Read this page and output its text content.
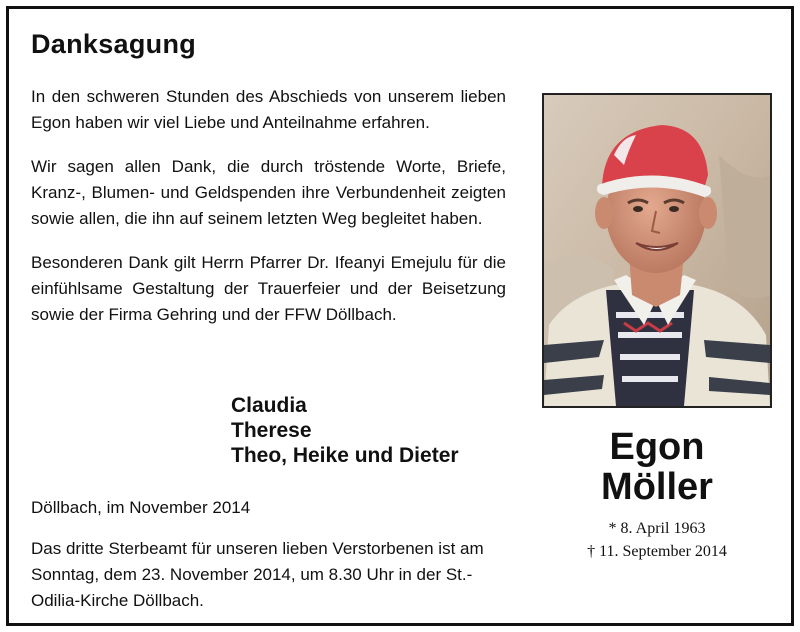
Danksagung

In den schweren Stunden des Abschieds von unserem lieben Egon haben wir viel Liebe und Anteilnahme erfahren.

Wir sagen allen Dank, die durch tröstende Worte, Briefe, Kranz-, Blumen- und Geldspenden ihre Verbundenheit zeigten sowie allen, die ihn auf seinem letzten Weg begleitet haben.

Besonderen Dank gilt Herrn Pfarrer Dr. Ifeanyi Emejulu für die einfühlsame Gestaltung der Trauerfeier und der Beisetzung sowie der Firma Gehring und der FFW Döllbach.

Claudia
Therese
Theo, Heike und Dieter
Döllbach, im November 2014
Das dritte Sterbeamt für unseren lieben Verstorbenen ist am Sonntag, dem 23. November 2014, um 8.30 Uhr in der St.-Odilia-Kirche Döllbach.
Egon
Möller
* 8. April 1963
† 11. September 2014
